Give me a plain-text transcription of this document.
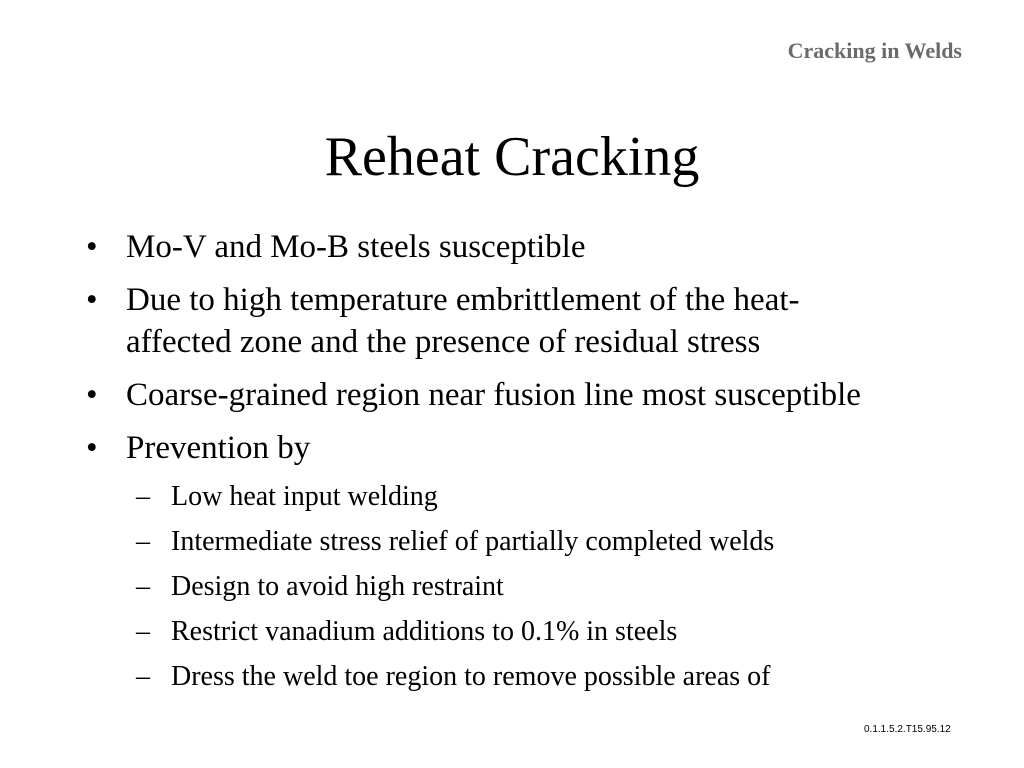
Cracking in Welds
Reheat Cracking
• Mo-V and Mo-B steels susceptible
• Due to high temperature embrittlement of the heat-affected zone and the presence of residual stress
• Coarse-grained region near fusion line most susceptible
• Prevention by
– Low heat input welding
– Intermediate stress relief of partially completed welds
– Design to avoid high restraint
– Restrict vanadium additions to 0.1% in steels
– Dress the weld toe region to remove possible areas of
0.1.1.5.2.T15.95.12
